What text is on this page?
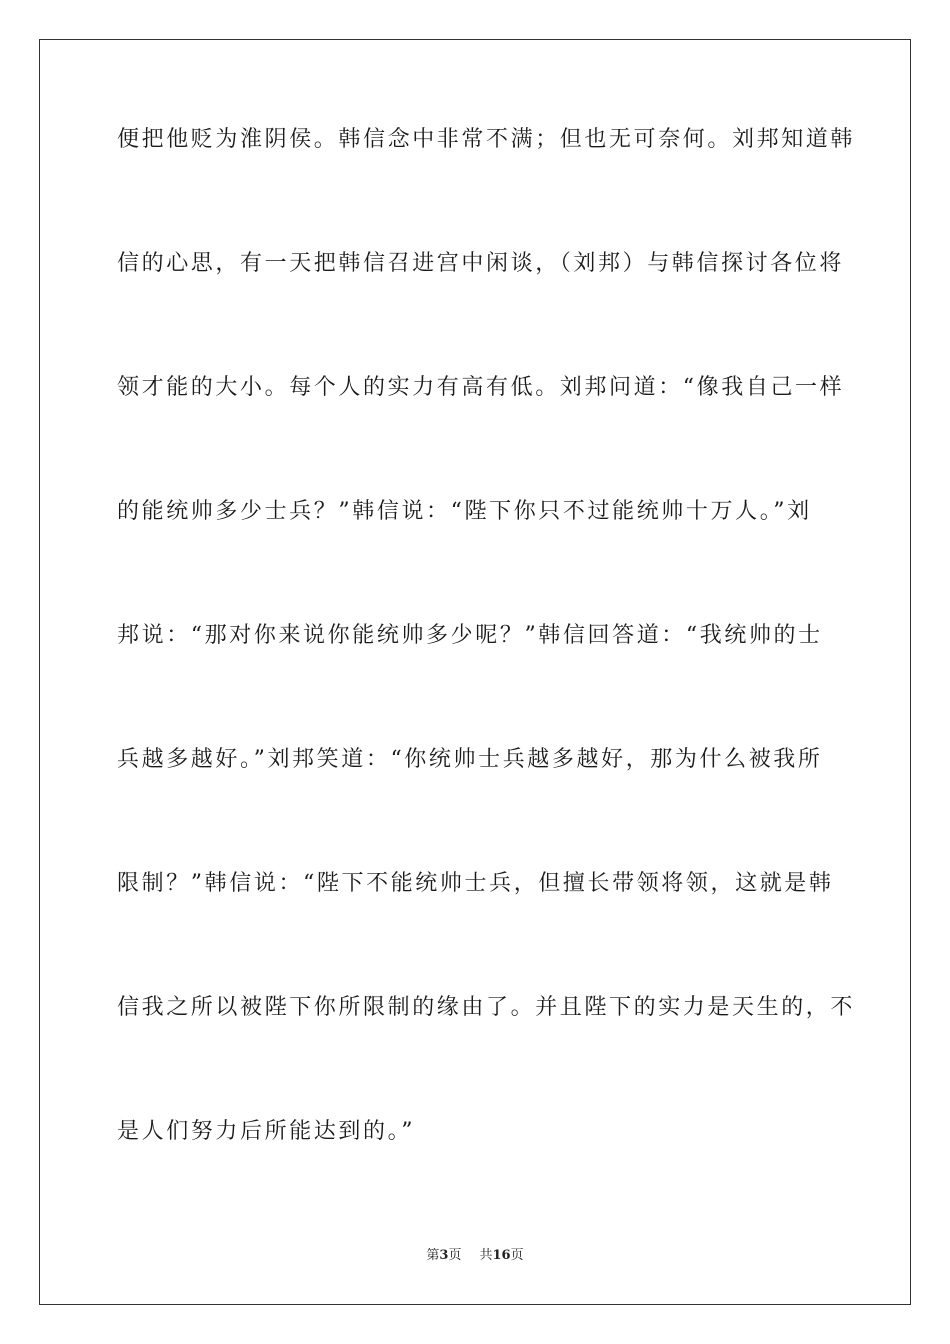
便把他贬为淮阴侯。韩信念中非常不满；但也无可奈何。刘邦知道韩
信的心思，有一天把韩信召进宫中闲谈，（刘邦）与韩信探讨各位将
领才能的大小。每个人的实力有高有低。刘邦问道：“像我自己一样
的能统帅多少士兵？”韩信说：“陛下你只不过能统帅十万人。”刘
邦说：“那对你来说你能统帅多少呢？”韩信回答道：“我统帅的士
兵越多越好。”刘邦笑道：“你统帅士兵越多越好，那为什么被我所
限制？”韩信说：“陛下不能统帅士兵，但擅长带领将领，这就是韩
信我之所以被陛下你所限制的缘由了。并且陛下的实力是天生的，不
是人们努力后所能达到的。”
第3页 共16页
